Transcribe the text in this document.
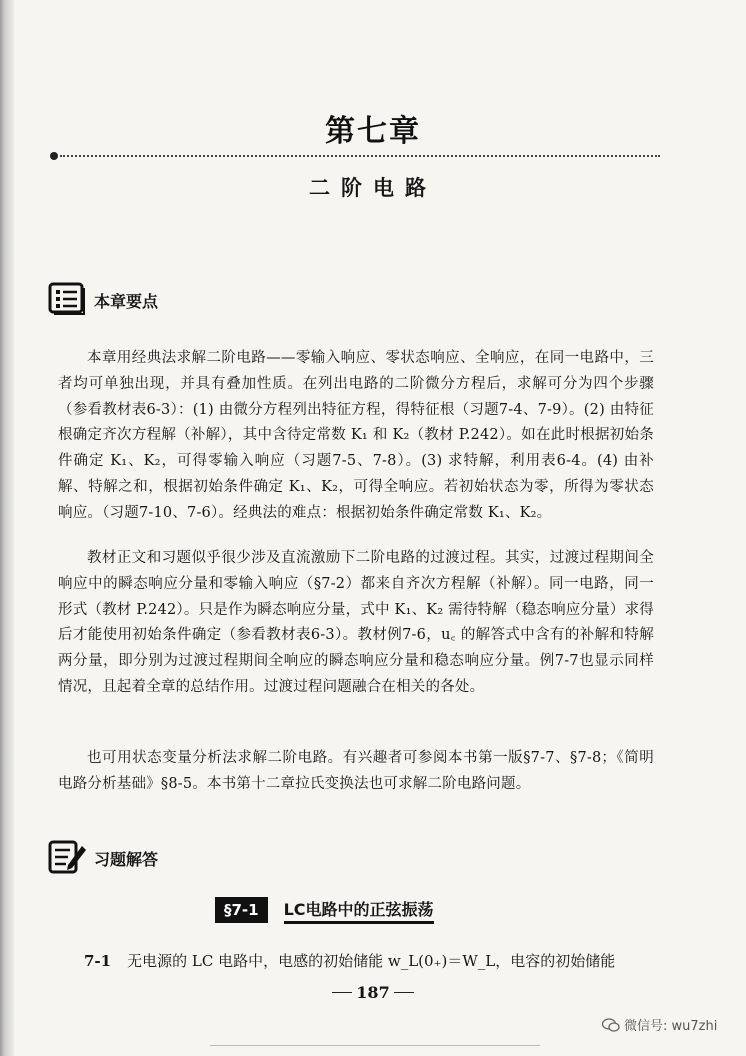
第七章
二阶电路
本章要点

本章用经典法求解二阶电路——零输入响应、零状态响应、全响应，在同一电路中，三者均可单独出现，并具有叠加性质。在列出电路的二阶微分方程后，求解可分为四个步骤（参看教材表6-3）：(1) 由微分方程列出特征方程，得特征根（习题7-4、7-9）。(2) 由特征根确定齐次方程解（补解），其中含待定常数 K₁ 和 K₂（教材 P.242）。如在此时根据初始条件确定 K₁、K₂，可得零输入响应（习题7-5、7-8）。(3) 求特解，利用表6-4。(4) 由补解、特解之和，根据初始条件确定 K₁、K₂，可得全响应。若初始状态为零，所得为零状态响应。（习题7-10、7-6）。经典法的难点：根据初始条件确定常数 K₁、K₂。

教材正文和习题似乎很少涉及直流激励下二阶电路的过渡过程。其实，过渡过程期间全响应中的瞬态响应分量和零输入响应（§7-2）都来自齐次方程解（补解）。同一电路，同一形式（教材 P.242）。只是作为瞬态响应分量，式中 K₁、K₂ 需待特解（稳态响应分量）求得后才能使用初始条件确定（参看教材表6-3）。教材例7-6，u꜀ 的解答式中含有的补解和特解两分量，即分别为过渡过程期间全响应的瞬态响应分量和稳态响应分量。例7-7也显示同样情况，且起着全章的总结作用。过渡过程问题融合在相关的各处。

也可用状态变量分析法求解二阶电路。有兴趣者可参阅本书第一版§7-7、§7-8；《简明电路分析基础》§8-5。本书第十二章拉氏变换法也可求解二阶电路问题。

习题解答
§7-1	LC电路中的正弦振荡
7-1 无电源的 LC 电路中，电感的初始储能 w_L(0₊)＝W_L，电容的初始储能
187
微信号: wu7zhi
